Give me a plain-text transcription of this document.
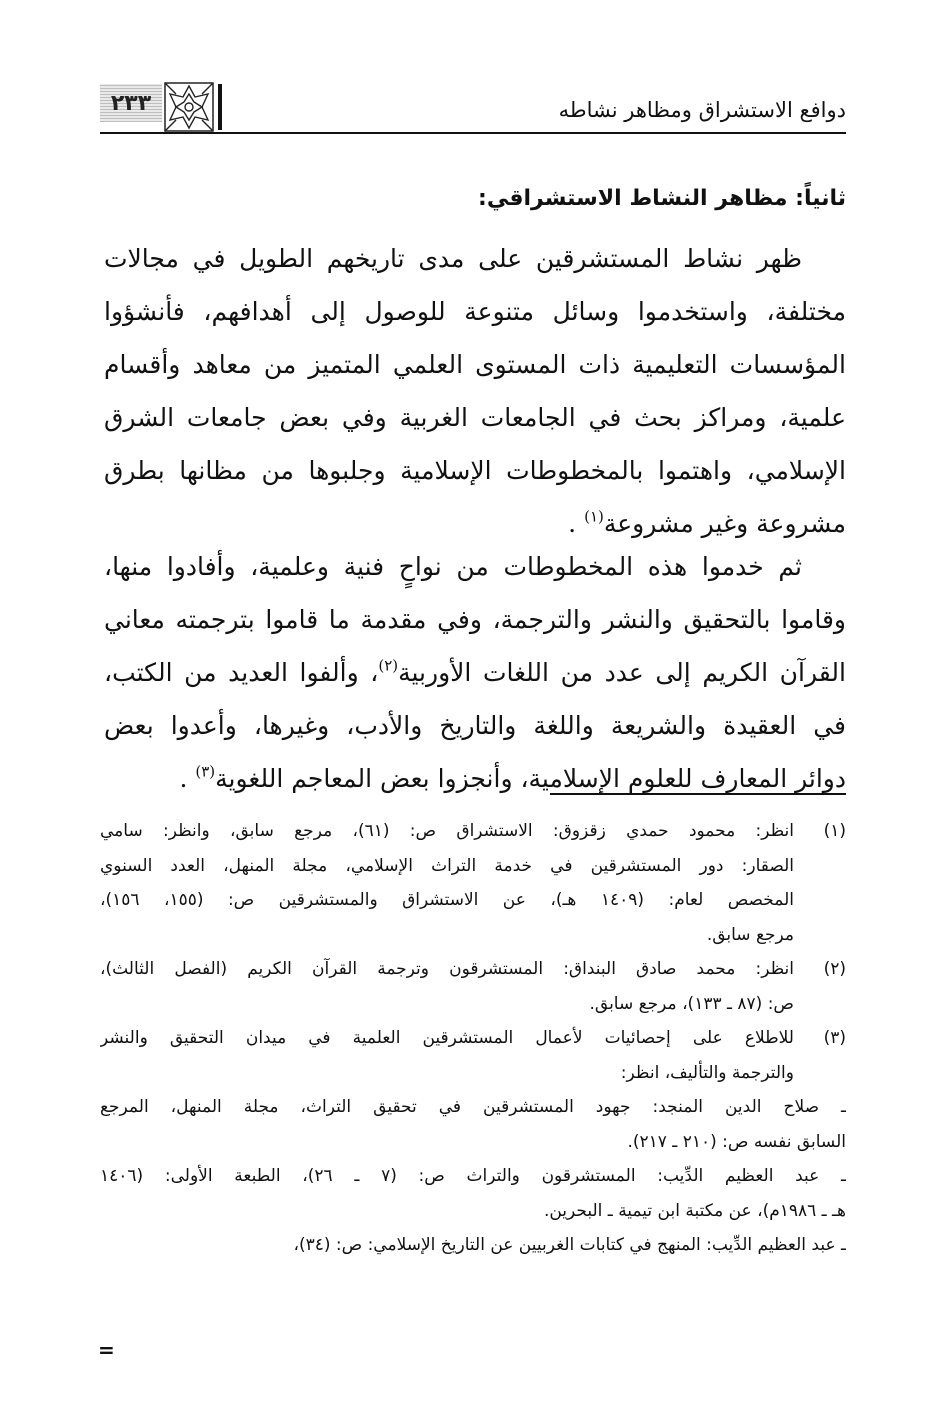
دوافع الاستشراق ومظاهر نشاطه
٢٣٣
ثانياً: مظاهر النشاط الاستشراقي:
ظهر نشاط المستشرقين على مدى تاريخهم الطويل في مجالات
مختلفة، واستخدموا وسائل متنوعة للوصول إلى أهدافهم، فأنشؤوا
المؤسسات التعليمية ذات المستوى العلمي المتميز من معاهد وأقسام
علمية، ومراكز بحث في الجامعات الغربية وفي بعض جامعات الشرق
الإسلامي، واهتموا بالمخطوطات الإسلامية وجلبوها من مظانها بطرق
مشروعة وغير مشروعة$^{(١)}$ .
ثم خدموا هذه المخطوطات من نواحٍ فنية وعلمية، وأفادوا منها،
وقاموا بالتحقيق والنشر والترجمة، وفي مقدمة ما قاموا بترجمته معاني
القرآن الكريم إلى عدد من اللغات الأوربية$^{(٢)}$، وألفوا العديد من الكتب،
في العقيدة والشريعة واللغة والتاريخ والأدب، وغيرها، وأعدوا بعض
دوائر المعارف للعلوم الإسلامية، وأنجزوا بعض المعاجم اللغوية$^{(٣)}$ .
(١)
انظر: محمود حمدي زقزوق: الاستشراق ص: (٦١)، مرجع سابق، وانظر: سامي
الصقار: دور المستشرقين في خدمة التراث الإسلامي، مجلة المنهل، العدد السنوي
المخصص لعام: (١٤٠٩ هـ)، عن الاستشراق والمستشرقين ص: (١٥٥، ١٥٦)،
مرجع سابق.
(٢)
انظر: محمد صادق البنداق: المستشرقون وترجمة القرآن الكريم (الفصل الثالث)،
ص: (٨٧ ـ ١٣٣)، مرجع سابق.
(٣)
للاطلاع على إحصائيات لأعمال المستشرقين العلمية في ميدان التحقيق والنشر
والترجمة والتأليف، انظر:
ـ صلاح الدين المنجد: جهود المستشرقين في تحقيق التراث، مجلة المنهل، المرجع
السابق نفسه ص: (٢١٠ ـ ٢١٧).
ـ عبد العظيم الدِّيب: المستشرقون والتراث ص: (٧ ـ ٢٦)، الطبعة الأولى: (١٤٠٦
هـ ـ ١٩٨٦م)، عن مكتبة ابن تيمية ـ البحرين.
ـ عبد العظيم الدِّيب: المنهج في كتابات الغربيين عن التاريخ الإسلامي: ص: (٣٤)،
=
